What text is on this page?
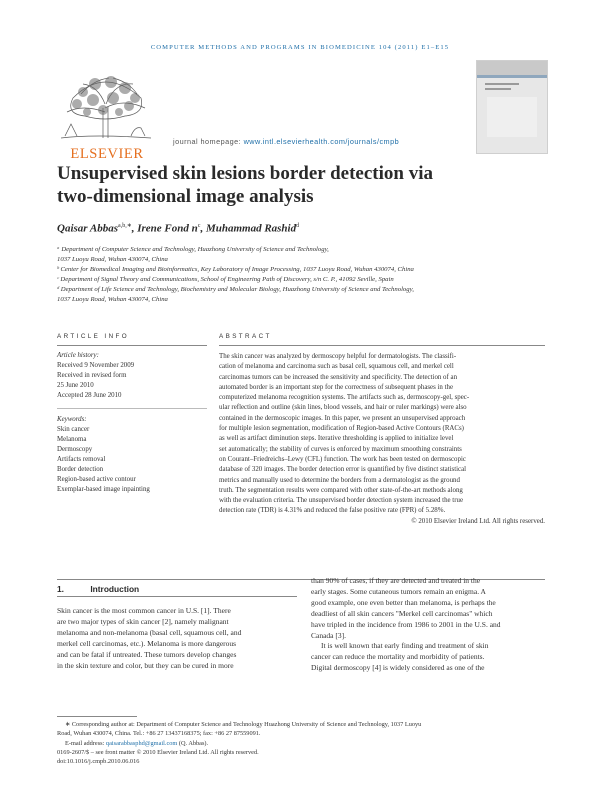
COMPUTER METHODS AND PROGRAMS IN BIOMEDICINE 104 (2011) E1–E15
ELSEVIER
journal homepage: www.intl.elsevierhealth.com/journals/cmpb
Unsupervised skin lesions border detection via
two-dimensional image analysis
Qaisar Abbas$^{a,b,∗}$, Irene Fond $n^c$, Muhammad Rashid$^d$
ᵃ Department of Computer Science and Technology, Huazhong University of Science and Technology,
1037 Luoyu Road, Wuhan 430074, China
ᵇ Center for Biomedical Imaging and Bioinformatics, Key Laboratory of Image Processing, 1037 Luoyu Road, Wuhan 430074, China
ᶜ Department of Signal Theory and Communications, School of Engineering Path of Discovery, s/n C. P., 41092 Seville, Spain
ᵈ Department of Life Science and Technology, Biochemistry and Molecular Biology, Huazhong University of Science and Technology,
1037 Luoyu Road, Wuhan 430074, China
ARTICLE INFO	ABSTRACT
Article history:
Received 9 November 2009
Received in revised form
25 June 2010
Accepted 28 June 2010
Keywords:
Skin cancer
Melanoma
Dermoscopy
Artifacts removal
Border detection
Region-based active contour
Exemplar-based image inpainting
The skin cancer was analyzed by dermoscopy helpful for dermatologists. The classifi-
cation of melanoma and carcinoma such as basal cell, squamous cell, and merkel cell
carcinomas tumors can be increased the sensitivity and specificity. The detection of an
automated border is an important step for the correctness of subsequent phases in the
computerized melanoma recognition systems. The artifacts such as, dermoscopy-gel, spec-
ular reflection and outline (skin lines, blood vessels, and hair or ruler markings) were also
contained in the dermoscopic images. In this paper, we present an unsupervised approach
for multiple lesion segmentation, modification of Region-based Active Contours (RACs)
as well as artifact diminution steps. Iterative thresholding is applied to initialize level
set automatically; the stability of curves is enforced by maximum smoothing constraints
on Courant–Friedreichs–Lewy (CFL) function. The work has been tested on dermoscopic
database of 320 images. The border detection error is quantified by five distinct statistical
metrics and manually used to determine the borders from a dermatologist as the ground
truth. The segmentation results were compared with other state-of-the-art methods along
with the evaluation criteria. The unsupervised border detection system increased the true
detection rate (TDR) is 4.31% and reduced the false positive rate (FPR) of 5.28%.
© 2010 Elsevier Ireland Ltd. All rights reserved.
1.	Introduction
Skin cancer is the most common cancer in U.S. [1]. There
are two major types of skin cancer [2], namely malignant
melanoma and non-melanoma (basal cell, squamous cell, and
merkel cell carcinomas, etc.). Melanoma is more dangerous
and can be fatal if untreated. These tumors develop changes
in the skin texture and color, but they can be cured in more
than 90% of cases, if they are detected and treated in the
early stages. Some cutaneous tumors remain an enigma. A
good example, one even better than melanoma, is perhaps the
deadliest of all skin cancers "Merkel cell carcinomas" which
have tripled in the incidence from 1986 to 2001 in the U.S. and
Canada [3].
It is well known that early finding and treatment of skin
cancer can reduce the mortality and morbidity of patients.
Digital dermoscopy [4] is widely considered as one of the
∗ Corresponding author at: Department of Computer Science and Technology Huazhong University of Science and Technology, 1037 Luoyu
Road, Wuhan 430074, China. Tel.: +86 27 13437168375; fax: +86 27 87559091.
E-mail address: qaisarabbasphd@gmail.com (Q. Abbas).
0169-2607/$ – see front matter © 2010 Elsevier Ireland Ltd. All rights reserved.
doi:10.1016/j.cmpb.2010.06.016
